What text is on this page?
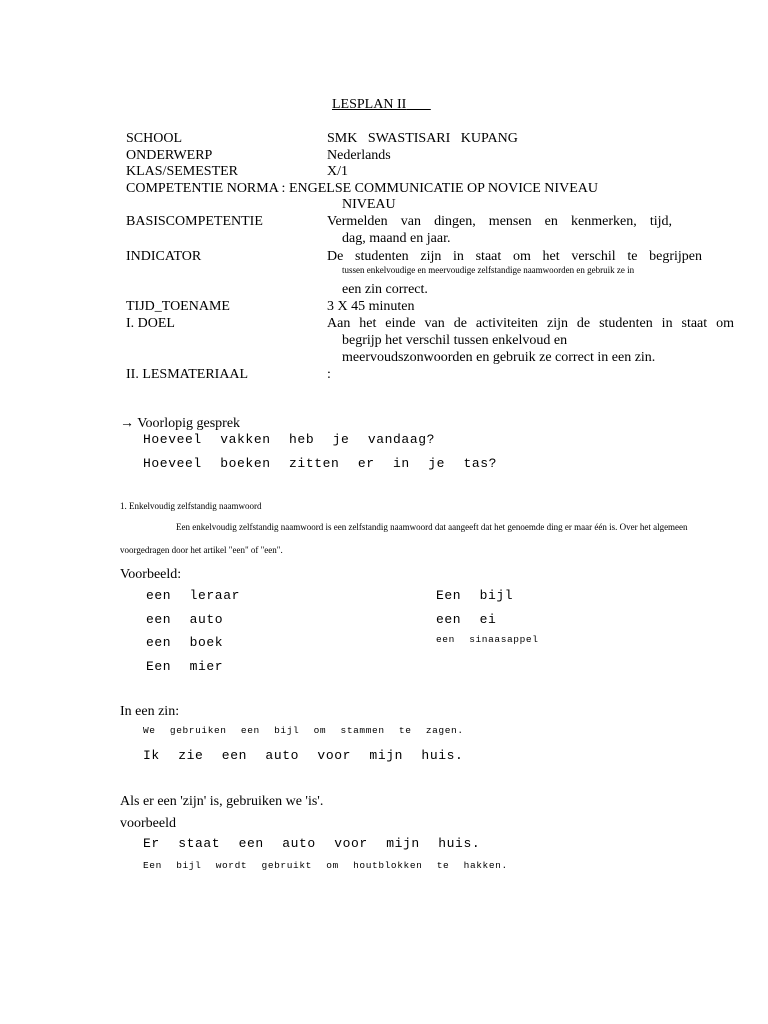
LESPLAN II
SCHOOL	SMK   SWASTISARI   KUPANG
ONDERWERP	Nederlands
KLAS/SEMESTER	X/1
COMPETENTIE NORMA : ENGELSE COMMUNICATIE OP NOVICE NIVEAU
NIVEAU
BASISCOMPETENTIE	Vermelden van dingen, mensen en kenmerken, tijd,
dag, maand en jaar.
INDICATOR	De studenten zijn in staat om het verschil te begrijpen
tussen enkelvoudige en meervoudige zelfstandige naamwoorden en gebruik ze in
een zin correct.
TIJD_TOENAME	3 X 45 minuten
I. DOEL	Aan het einde van de activiteiten zijn de studenten in staat om
begrijp het verschil tussen enkelvoud en
meervoudszonwoorden en gebruik ze correct in een zin.
II. LESMATERIAAL	:
→ Voorlopig gesprek
Hoeveel vakken heb je vandaag?
Hoeveel boeken zitten er in je tas?
1. Enkelvoudig zelfstandig naamwoord
Een enkelvoudig zelfstandig naamwoord is een zelfstandig naamwoord dat aangeeft dat het genoemde ding er maar één is. Over het algemeen
voorgedragen door het artikel "een" of "een".
Voorbeeld:
een leraar
een auto
een boek
Een mier
Een bijl
een ei
een sinaasappel
In een zin:
We gebruiken een bijl om stammen te zagen.
Ik zie een auto voor mijn huis.
Als er een 'zijn' is, gebruiken we 'is'.
voorbeeld
Er staat een auto voor mijn huis.
Een bijl wordt gebruikt om houtblokken te hakken.
